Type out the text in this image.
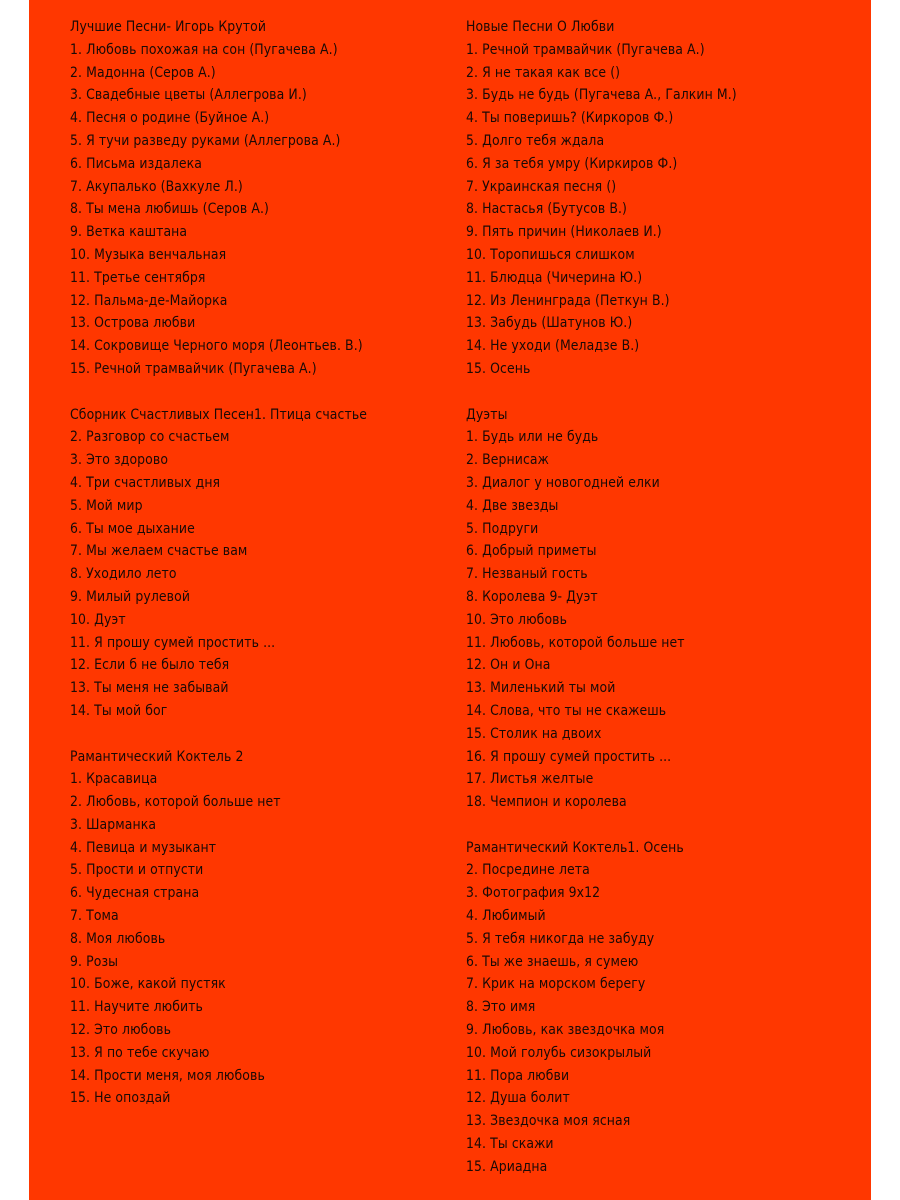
Лучшие Песни- Игорь Крутой
1. Любовь похожая на сон (Пугачева А.)
2. Мадонна (Серов А.)
3. Свадебные цветы (Аллегрова И.)
4. Песня о родине (Буйное А.)
5. Я тучи разведу руками (Аллегрова А.)
6. Письма издалека
7. Акупалько (Вахкуле Л.)
8. Ты мена любишь (Серов А.)
9. Ветка каштана
10. Музыка венчальная
11. Третье сентября
12. Пальма-де-Майорка
13. Острова любви
14. Сокровище Черного моря (Леонтьев. В.)
15. Речной трамвайчик (Пугачева А.)
Сборник Счастливых Песен1. Птица счастье
2. Разговор со счастьем
3. Это здорово
4. Три счастливых дня
5. Мой мир
6. Ты мое дыхание
7. Мы желаем счастье вам
8. Уходило лето
9. Милый рулевой
10. Дуэт
11. Я прошу сумей простить ...
12. Если б не было тебя
13. Ты меня не забывай
14. Ты мой бог
Рамантический Коктель 2
1. Красавица
2. Любовь, которой больше нет
3. Шарманка
4. Певица и музыкант
5. Прости и отпусти
6. Чудесная страна
7. Тома
8. Моя любовь
9. Розы
10. Боже, какой пустяк
11. Научите любить
12. Это любовь
13. Я по тебе скучаю
14. Прости меня, моя любовь
15. Не опоздай
Новые Песни О Любви
1. Речной трамвайчик (Пугачева А.)
2. Я не такая как все ()
3. Будь не будь (Пугачева А., Галкин М.)
4. Ты поверишь? (Киркоров Ф.)
5. Долго тебя ждала
6. Я за тебя умру (Киркиров Ф.)
7. Украинская песня ()
8. Настасья (Бутусов В.)
9. Пять причин (Николаев И.)
10. Торопишься слишком
11. Блюдца (Чичерина Ю.)
12. Из Ленинграда (Петкун В.)
13. Забудь (Шатунов Ю.)
14. Не уходи (Меладзе В.)
15. Осень
Дуэты
1. Будь или не будь
2. Вернисаж
3. Диалог у новогодней елки
4. Две звезды
5. Подруги
6. Добрый приметы
7. Незваный гость
8. Королева 9- Дуэт
10. Это любовь
11. Любовь, которой больше нет
12. Он и Она
13. Миленький ты мой
14. Слова, что ты не скажешь
15. Столик на двоих
16. Я прошу сумей простить ...
17. Листья желтые
18. Чемпион и королева
Рамантический Коктель1. Осень
2. Посредине лета
3. Фотография 9х12
4. Любимый
5. Я тебя никогда не забуду
6. Ты же знаешь, я сумею
7. Крик на морском берегу
8. Это имя
9. Любовь, как звездочка моя
10. Мой голубь сизокрылый
11. Пора любви
12. Душа болит
13. Звездочка моя ясная
14. Ты скажи
15. Ариадна
